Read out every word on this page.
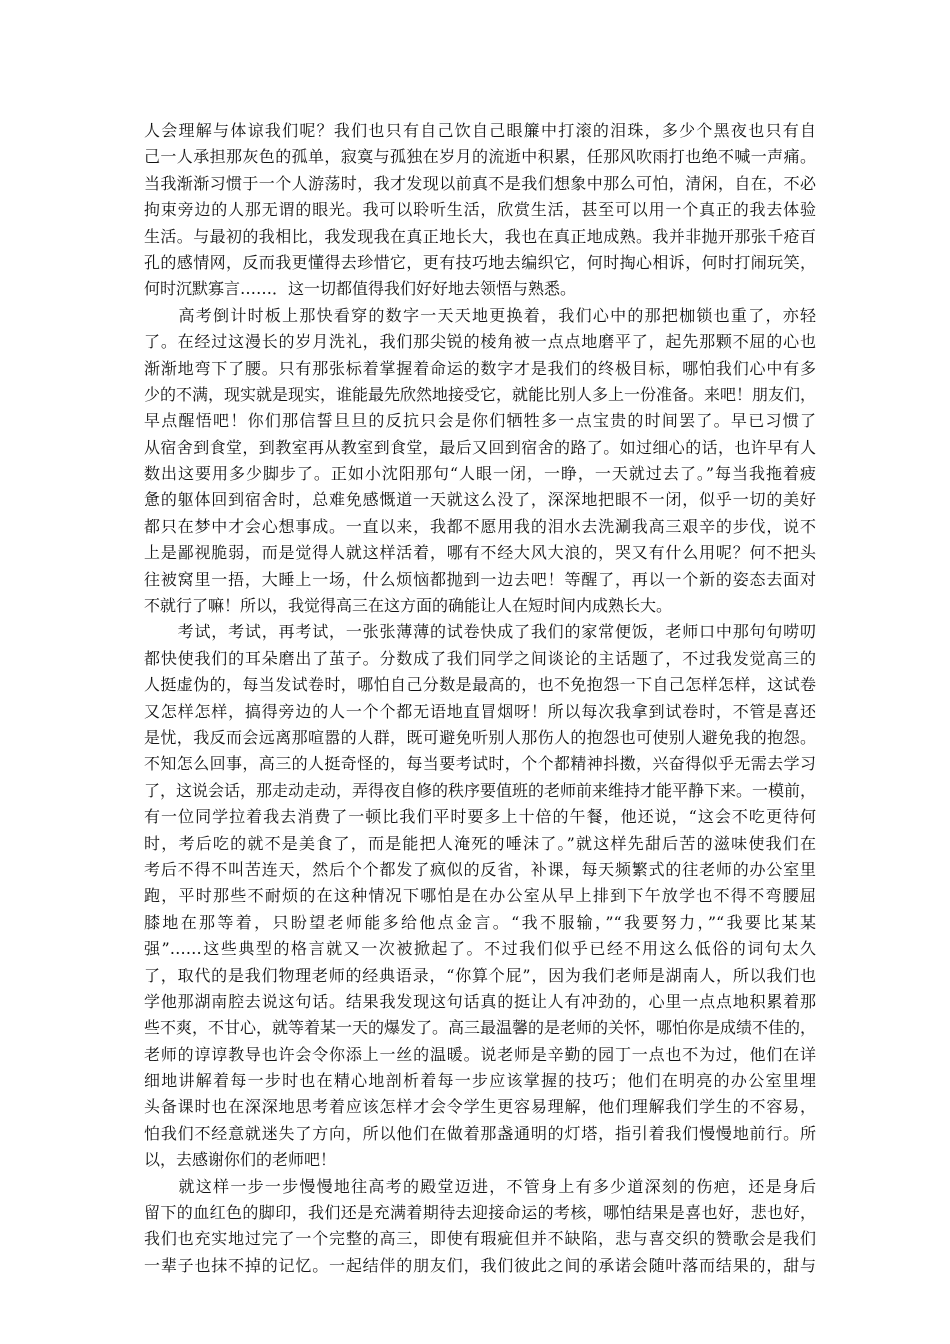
人会理解与体谅我们呢？我们也只有自己饮自己眼簾中打滚的泪珠，多少个黑夜也只有自
己一人承担那灰色的孤单，寂寞与孤独在岁月的流逝中积累，任那风吹雨打也绝不喊一声痛。
当我渐渐习惯于一个人游荡时，我才发现以前真不是我们想象中那么可怕，清闲，自在，不必
拘束旁边的人那无谓的眼光。我可以聆听生活，欣赏生活，甚至可以用一个真正的我去体验
生活。与最初的我相比，我发现我在真正地长大，我也在真正地成熟。我并非抛开那张千疮百
孔的感情网，反而我更懂得去珍惜它，更有技巧地去编织它，何时掏心相诉，何时打闹玩笑，
何时沉默寡言……．这一切都值得我们好好地去领悟与熟悉。
　　高考倒计时板上那快看穿的数字一天天地更换着，我们心中的那把枷锁也重了，亦轻
了。在经过这漫长的岁月洗礼，我们那尖锐的棱角被一点点地磨平了，起先那颗不屈的心也
渐渐地弯下了腰。只有那张标着掌握着命运的数字才是我们的终极目标，哪怕我们心中有多
少的不满，现实就是现实，谁能最先欣然地接受它，就能比别人多上一份准备。来吧！朋友们，
早点醒悟吧！你们那信誓旦旦的反抗只会是你们牺牲多一点宝贵的时间罢了。早已习惯了
从宿舍到食堂，到教室再从教室到食堂，最后又回到宿舍的路了。如过细心的话，也许早有人
数出这要用多少脚步了。正如小沈阳那句“人眼一闭，一睁，一天就过去了。”每当我拖着疲
惫的躯体回到宿舍时，总难免感慨道一天就这么没了，深深地把眼不一闭，似乎一切的美好
都只在梦中才会心想事成。一直以来，我都不愿用我的泪水去洗涮我高三艰辛的步伐，说不
上是鄙视脆弱，而是觉得人就这样活着，哪有不经大风大浪的，哭又有什么用呢？何不把头
往被窝里一捂，大睡上一场，什么烦恼都抛到一边去吧！等醒了，再以一个新的姿态去面对
不就行了嘛！所以，我觉得高三在这方面的确能让人在短时间内成熟长大。
　　考试，考试，再考试，一张张薄薄的试卷快成了我们的家常便饭，老师口中那句句唠叨
都快使我们的耳朵磨出了茧子。分数成了我们同学之间谈论的主话题了，不过我发觉高三的
人挺虚伪的，每当发试卷时，哪怕自己分数是最高的，也不免抱怨一下自己怎样怎样，这试卷
又怎样怎样，搞得旁边的人一个个都无语地直冒烟呀！所以每次我拿到试卷时，不管是喜还
是忧，我反而会远离那喧嚣的人群，既可避免听别人那伤人的抱怨也可使别人避免我的抱怨。
不知怎么回事，高三的人挺奇怪的，每当要考试时，个个都精神抖擞，兴奋得似乎无需去学习
了，这说会话，那走动走动，弄得夜自修的秩序要值班的老师前来维持才能平静下来。一模前，
有一位同学拉着我去消费了一顿比我们平时要多上十倍的午餐，他还说，“这会不吃更待何
时，考后吃的就不是美食了，而是能把人淹死的唾沫了。”就这样先甜后苦的滋味使我们在
考后不得不叫苦连天，然后个个都发了疯似的反省，补课，每天频繁式的往老师的办公室里
跑，平时那些不耐烦的在这种情况下哪怕是在办公室从早上排到下午放学也不得不弯腰屈
膝地在那等着，只盼望老师能多给他点金言。“我不服输，”“我要努力，”“我要比某某
强”……这些典型的格言就又一次被掀起了。不过我们似乎已经不用这么低俗的词句太久
了，取代的是我们物理老师的经典语录，“你算个屁”，因为我们老师是湖南人，所以我们也
学他那湖南腔去说这句话。结果我发现这句话真的挺让人有冲劲的，心里一点点地积累着那
些不爽，不甘心，就等着某一天的爆发了。高三最温馨的是老师的关怀，哪怕你是成绩不佳的，
老师的谆谆教导也许会令你添上一丝的温暖。说老师是辛勤的园丁一点也不为过，他们在详
细地讲解着每一步时也在精心地剖析着每一步应该掌握的技巧；他们在明亮的办公室里埋
头备课时也在深深地思考着应该怎样才会令学生更容易理解，他们理解我们学生的不容易，
怕我们不经意就迷失了方向，所以他们在做着那盏通明的灯塔，指引着我们慢慢地前行。所
以，去感谢你们的老师吧！
　　就这样一步一步慢慢地往高考的殿堂迈进，不管身上有多少道深刻的伤疤，还是身后
留下的血红色的脚印，我们还是充满着期待去迎接命运的考核，哪怕结果是喜也好，悲也好，
我们也充实地过完了一个完整的高三，即使有瑕疵但并不缺陷，悲与喜交织的赞歌会是我们
一辈子也抹不掉的记忆。一起结伴的朋友们，我们彼此之间的承诺会随叶落而结果的，甜与
